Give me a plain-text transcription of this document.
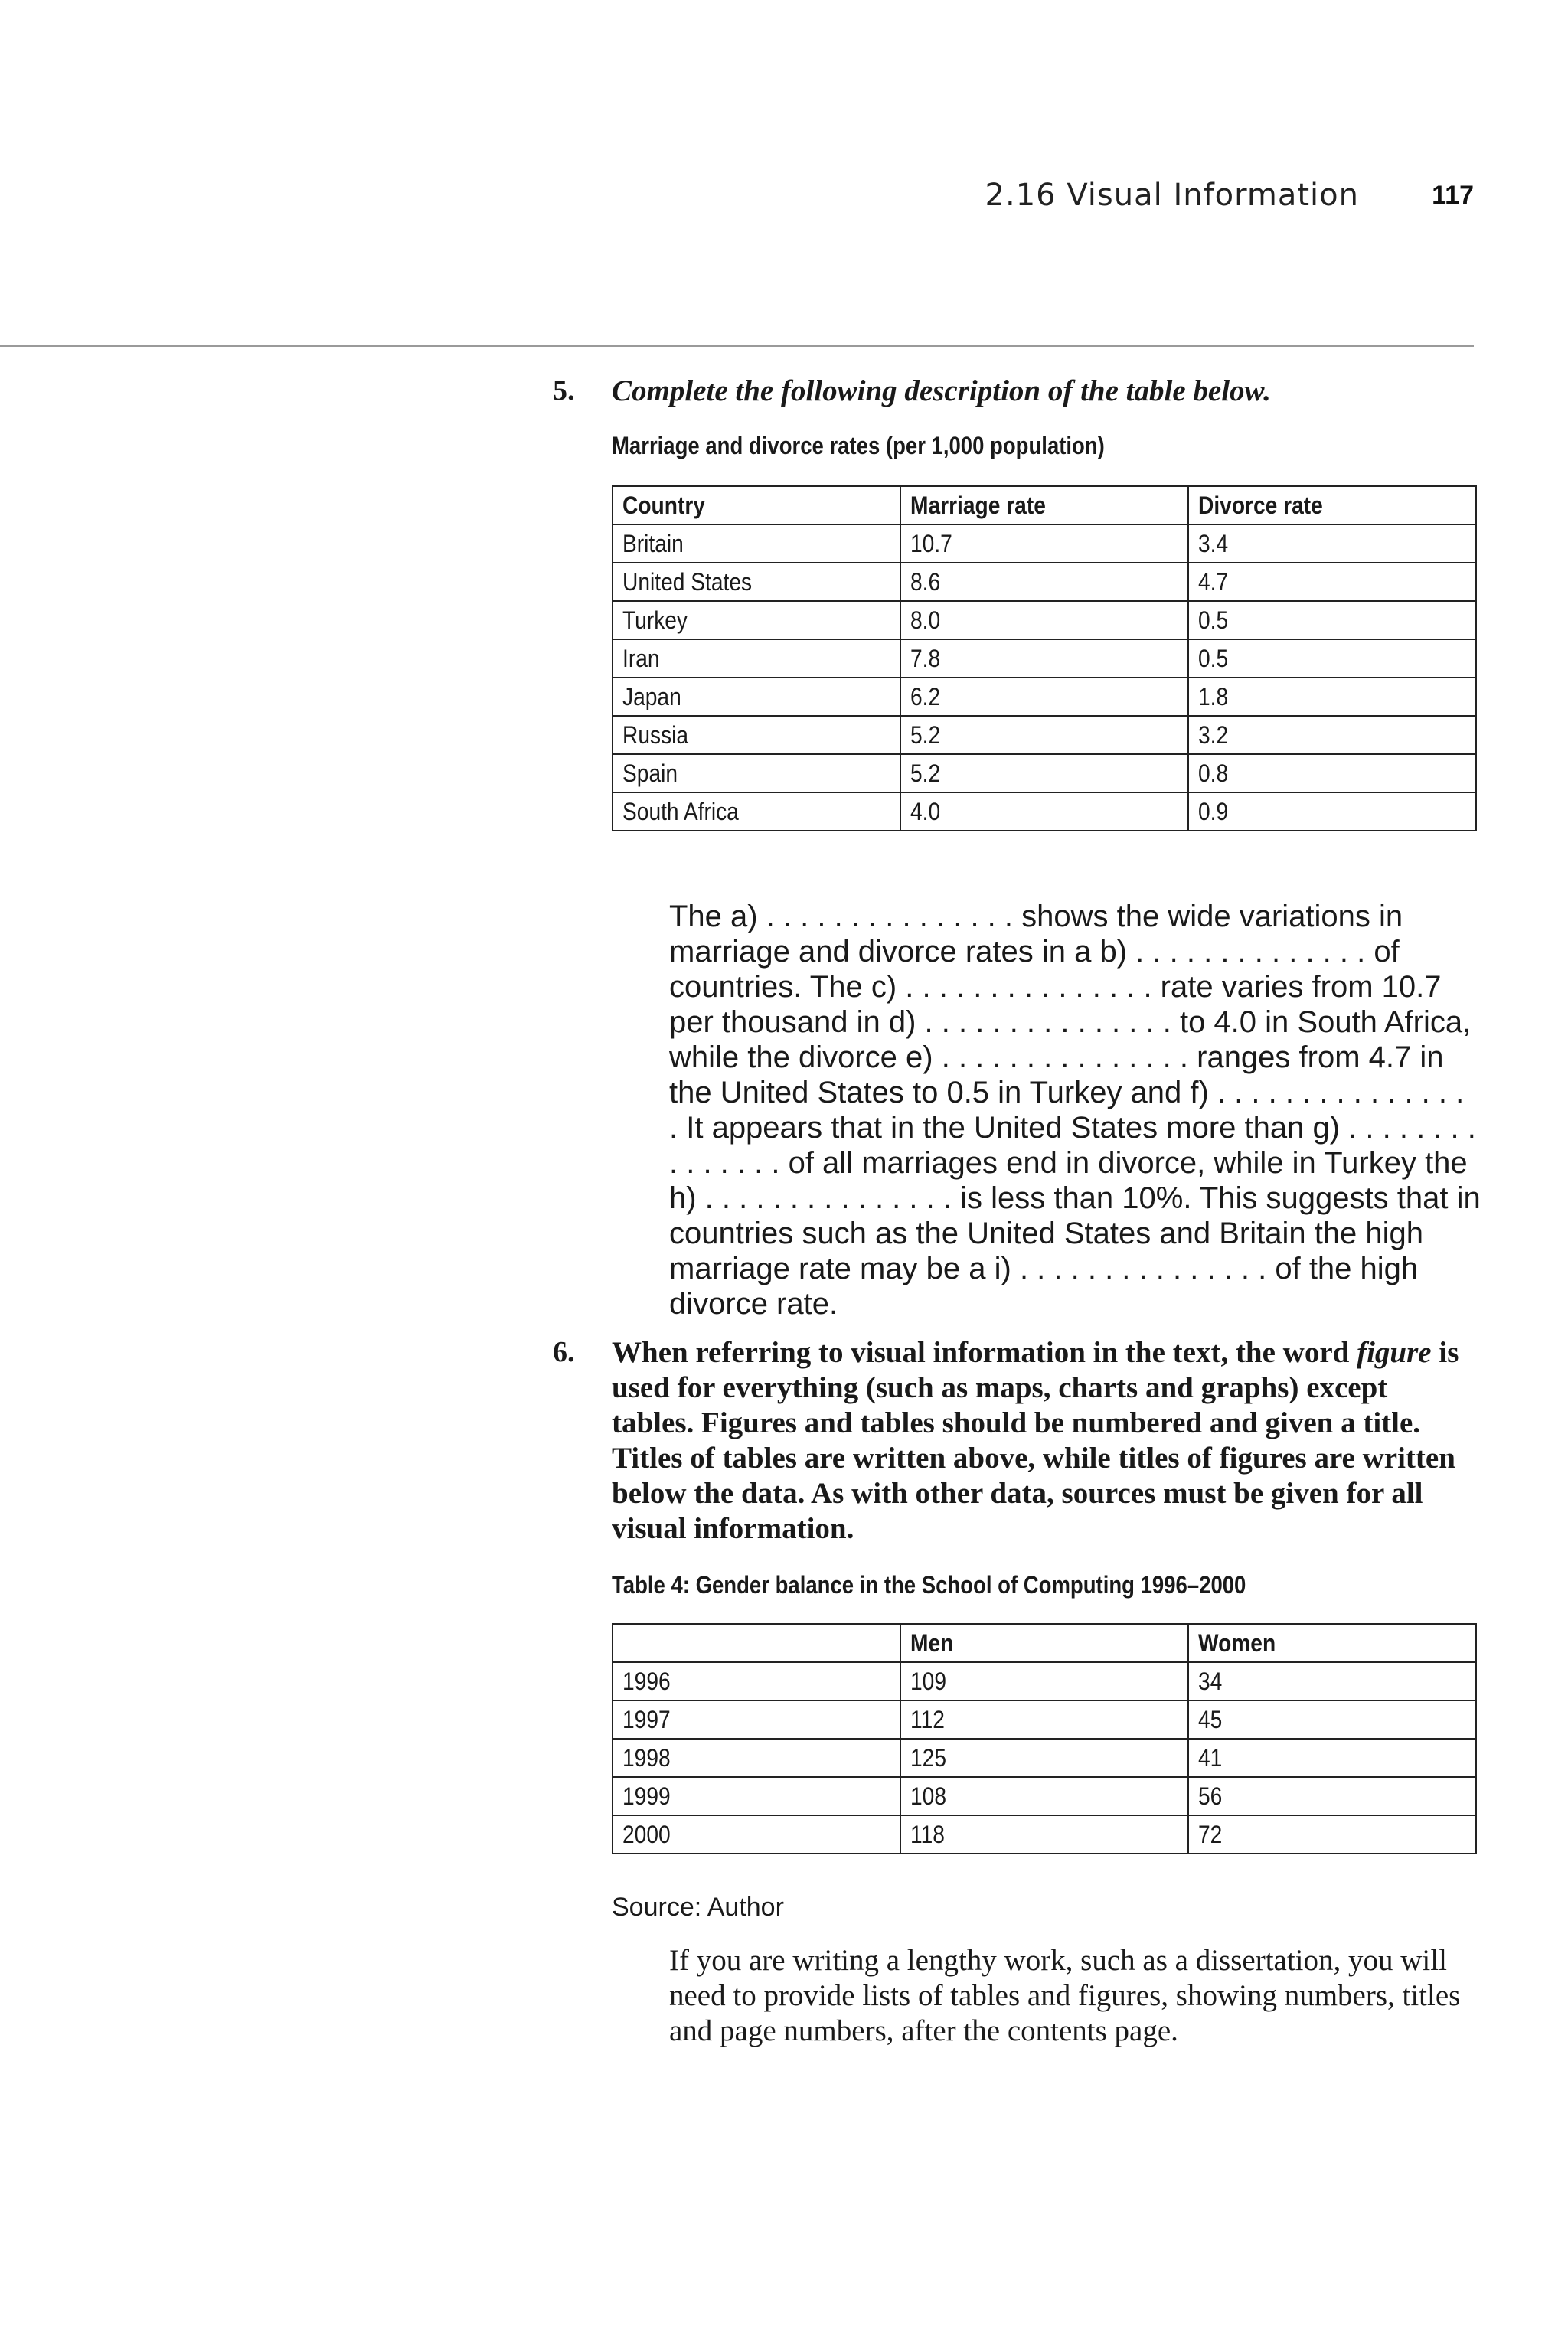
2.16 Visual Information	117
5. Complete the following description of the table below.
Marriage and divorce rates (per 1,000 population)
Country	Marriage rate	Divorce rate
Britain	10.7	3.4
United States	8.6	4.7
Turkey	8.0	0.5
Iran	7.8	0.5
Japan	6.2	1.8
Russia	5.2	3.2
Spain	5.2	0.8
South Africa	4.0	0.9
The a) . . . . . . . . . . . . . . . shows the wide variations in marriage and divorce rates in a b) . . . . . . . . . . . . . . of countries. The c) . . . . . . . . . . . . . . . rate varies from 10.7 per thousand in d) . . . . . . . . . . . . . . . to 4.0 in South Africa, while the divorce e) . . . . . . . . . . . . . . . ranges from 4.7 in the United States to 0.5 in Turkey and f) . . . . . . . . . . . . . . . . It appears that in the United States more than g) . . . . . . . . . . . . . . . of all marriages end in divorce, while in Turkey the h) . . . . . . . . . . . . . . . is less than 10%. This suggests that in countries such as the United States and Britain the high marriage rate may be a i) . . . . . . . . . . . . . . . of the high divorce rate.
6. When referring to visual information in the text, the word figure is used for everything (such as maps, charts and graphs) except tables. Figures and tables should be numbered and given a title. Titles of tables are written above, while titles of figures are written below the data. As with other data, sources must be given for all visual information.
Table 4: Gender balance in the School of Computing 1996–2000
	Men	Women
1996	109	34
1997	112	45
1998	125	41
1999	108	56
2000	118	72
Source: Author
If you are writing a lengthy work, such as a dissertation, you will need to provide lists of tables and figures, showing numbers, titles and page numbers, after the contents page.
